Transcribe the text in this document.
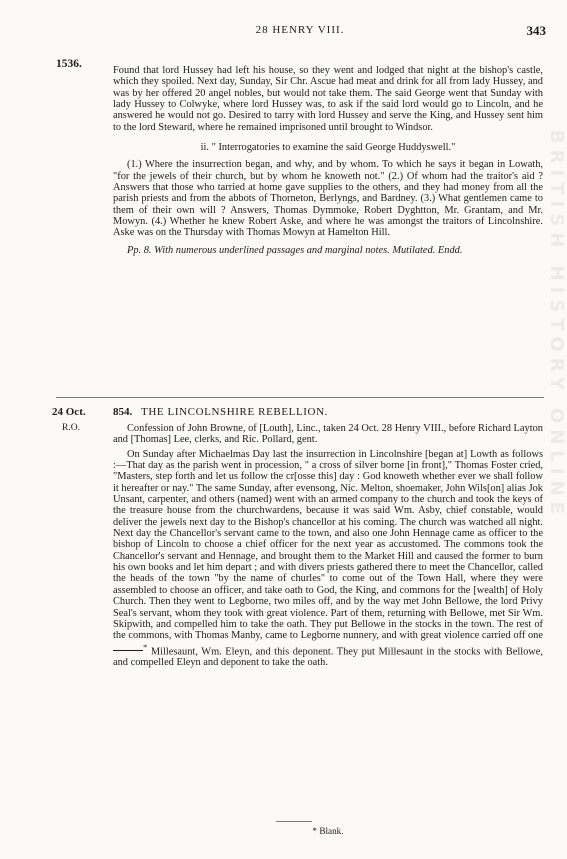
28 HENRY VIII.	343
1536.

Found that lord Hussey had left his house, so they went and lodged that night at the bishop's castle, which they spoiled. Next day, Sunday, Sir Chr. Ascue had meat and drink for all from lady Hussey, and was by her offered 20 angel nobles, but would not take them. The said George went that Sunday with lady Hussey to Colwyke, where lord Hussey was, to ask if the said lord would go to Lincoln, and he answered he would not go. Desired to tarry with lord Hussey and serve the King, and Hussey sent him to the lord Steward, where he remained imprisoned until brought to Windsor.

ii. " Interrogatories to examine the said George Huddyswell."

(1.) Where the insurrection began, and why, and by whom. To which he says it began in Lowath, "for the jewels of their church, but by whom he knoweth not." (2.) Of whom had the traitor's aid ? Answers that those who tarried at home gave supplies to the others, and they had money from all the parish priests and from the abbots of Thorneton, Berlyngs, and Bardney. (3.) What gentlemen came to them of their own will ? Answers, Thomas Dymmoke, Robert Dyghtton, Mr. Grantam, and Mr. Mowyn. (4.) Whether he knew Robert Aske, and where he was amongst the traitors of Lincolnshire. Aske was on the Thursday with Thomas Mowyn at Hamelton Hill.

Pp. 8. With numerous underlined passages and marginal notes. Mutilated. Endd.

24 Oct.
R.O.
854. THE LINCOLNSHIRE REBELLION.

Confession of John Browne, of [Louth], Linc., taken 24 Oct. 28 Henry VIII., before Richard Layton and [Thomas] Lee, clerks, and Ric. Pollard, gent.

On Sunday after Michaelmas Day last the insurrection in Lincolnshire [began at] Lowth as follows :—That day as the parish went in procession, " a cross of silver borne [in front]," Thomas Foster cried, "Masters, step forth and let us follow the cr[osse this] day : God knoweth whether ever we shall follow it hereafter or nay." The same Sunday, after evensong, Nic. Melton, shoemaker, John Wils[on] alias Jok Unsant, carpenter, and others (named) went with an armed company to the church and took the keys of the treasure house from the churchwardens, because it was said Wm. Asby, chief constable, would deliver the jewels next day to the Bishop's chancellor at his coming. The church was watched all night. Next day the Chancellor's servant came to the town, and also one John Hennage came as officer to the bishop of Lincoln to choose a chief officer for the next year as accustomed. The commons took the Chancellor's servant and Hennage, and brought them to the Market Hill and caused the former to burn his own books and let him depart ; and with divers priests gathered there to meet the Chancellor, called the heads of the town "by the name of churles" to come out of the Town Hall, where they were assembled to choose an officer, and take oath to God, the King, and commons for the [wealth] of Holy Church. Then they went to Legborne, two miles off, and by the way met John Bellowe, the lord Privy Seal's servant, whom they took with great violence. Part of them, returning with Bellowe, met Sir Wm. Skipwith, and compelled him to take the oath. They put Bellowe in the stocks in the town. The rest of the commons, with Thomas Manby, came to Legborne nunnery, and with great violence carried off one * Millesaunt, Wm. Eleyn, and this deponent. They put Millesaunt in the stocks with Bellowe, and compelled Eleyn and deponent to take the oath.

* Blank.
BRITISH HISTORY ONLINE
